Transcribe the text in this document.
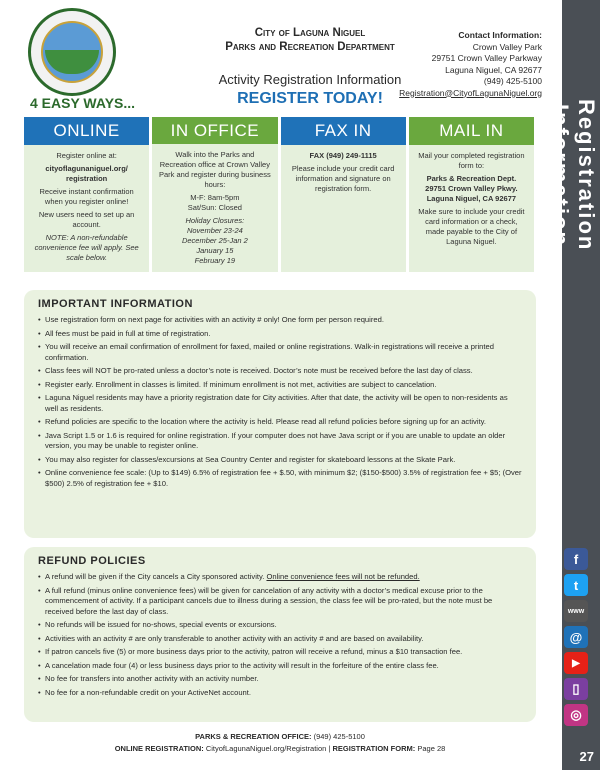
Registration Information
f
t
www
@
▶
▯
◎
27
4 EASY WAYS...
City of Laguna Niguel
Parks and Recreation Department
Activity Registration Information
REGISTER TODAY!
Contact Information:
Crown Valley Park
29751 Crown Valley Parkway
Laguna Niguel, CA 92677
(949) 425-5100
Registration@CityofLagunaNiguel.org
ONLINE

Register online at:

cityoflagunaniguel.org/ registration

Receive instant confirmation when you register online!

New users need to set up an account.

NOTE: A non-refundable convenience fee will apply. See scale below.

IN OFFICE

Walk into the Parks and Recreation office at Crown Valley Park and register during business hours:

M-F: 8am-5pm

Sat/Sun: Closed

Holiday Closures:
November 23-24
December 25-Jan 2
January 15
February 19
FAX IN

FAX (949) 249-1115

Please include your credit card information and signature on registration form.

MAIL IN

Mail your completed registration form to:

Parks & Recreation Dept.

29751 Crown Valley Pkwy.

Laguna Niguel, CA 92677

Make sure to include your credit card information or a check, made payable to the City of Laguna Niguel.

IMPORTANT INFORMATION
• Use registration form on next page for activities with an activity # only! One form per person required.
• All fees must be paid in full at time of registration.
• You will receive an email confirmation of enrollment for faxed, mailed or online registrations. Walk-in registrations will receive a printed confirmation.
• Class fees will NOT be pro-rated unless a doctor’s note is received. Doctor’s note must be received before the last day of class.
• Register early. Enrollment in classes is limited. If minimum enrollment is not met, activities are subject to cancelation.
• Laguna Niguel residents may have a priority registration date for City activities. After that date, the activity will be open to non-residents as well as residents.
• Refund policies are specific to the location where the activity is held. Please read all refund policies before signing up for an activity.
• Java Script 1.5 or 1.6 is required for online registration. If your computer does not have Java script or if you are unable to update an older version, you may be unable to register online.
• You may also register for classes/excursions at Sea Country Center and register for skateboard lessons at the Skate Park.
• Online convenience fee scale: (Up to $149) 6.5% of registration fee + $.50, with minimum $2; ($150-$500) 3.5% of registration fee + $5; (Over $500) 2.5% of registration fee + $10.
REFUND POLICIES
• A refund will be given if the City cancels a City sponsored activity. Online convenience fees will not be refunded.
• A full refund (minus online convenience fees) will be given for cancelation of any activity with a doctor’s medical excuse prior to the commencement of activity. If a participant cancels due to illness during a session, the class fee will be pro-rated, but the note must be received before the last day of class.
• No refunds will be issued for no-shows, special events or excursions.
• Activities with an activity # are only transferable to another activity with an activity # and are based on availability.
• If patron cancels five (5) or more business days prior to the activity, patron will receive a refund, minus a $10 transaction fee.
• A cancelation made four (4) or less business days prior to the activity will result in the forfeiture of the entire class fee.
• No fee for transfers into another activity with an activity number.
• No fee for a non-refundable credit on your ActiveNet account.
PARKS & RECREATION OFFICE: (949) 425-5100
ONLINE REGISTRATION: CityofLagunaNiguel.org/Registration | REGISTRATION FORM: Page 28
